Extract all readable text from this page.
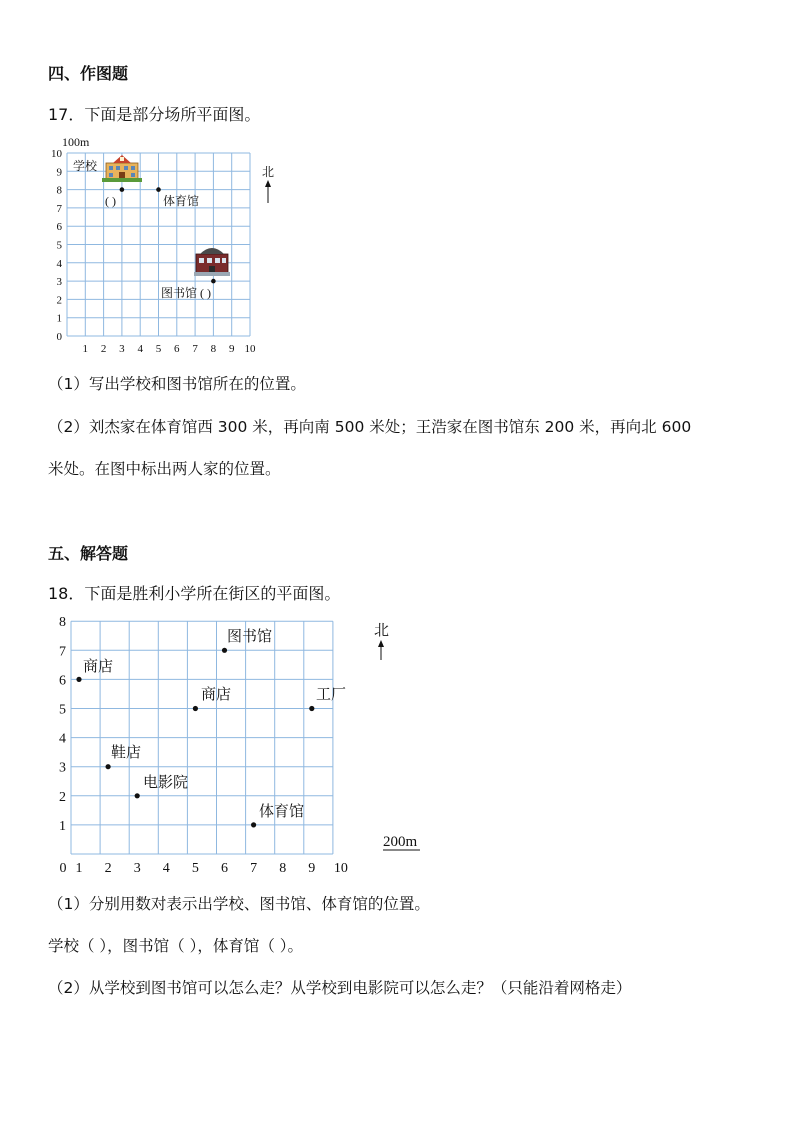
四、作图题
17．下面是部分场所平面图。
100m
0
1
2
3
4
5
6
7
8
9
10
1 2 3 4 5 6 7 8 9 10
学校
( )	体育馆
图书馆 ( )
北
（1）写出学校和图书馆所在的位置。
（2）刘杰家在体育馆西 300 米，再向南 500 米处；王浩家在图书馆东 200 米，再向北 600
米处。在图中标出两人家的位置。
五、解答题
18．下面是胜利小学所在街区的平面图。
1
2
3
4
5
6
7
8
0 1 2 3 4 5 6 7 8 9 10
图书馆
商店
商店	工厂
鞋店
电影院
体育馆
北
200m
（1）分别用数对表示出学校、图书馆、体育馆的位置。
学校（ ），图书馆（ ），体育馆（ ）。
（2）从学校到图书馆可以怎么走？从学校到电影院可以怎么走？（只能沿着网格走）
